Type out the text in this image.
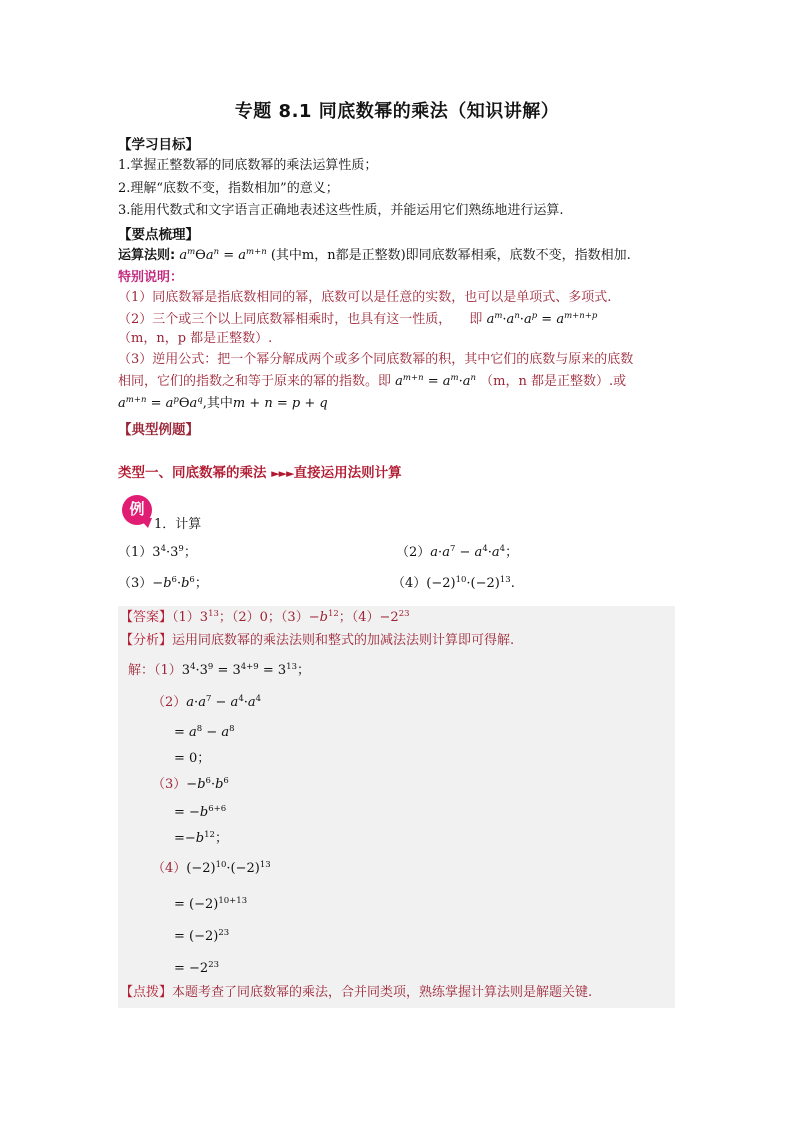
专题 8.1 同底数幂的乘法（知识讲解）
【学习目标】
1.掌握正整数幂的同底数幂的乘法运算性质；
2.理解“底数不变，指数相加”的意义；
3.能用代数式和文字语言正确地表述这些性质，并能运用它们熟练地进行运算.
【要点梳理】
运算法则: $a^mѲa^n = a^{m+n}$ (其中m，n都是正整数)即同底数幂相乘，底数不变，指数相加.
特别说明：
（1）同底数幂是指底数相同的幂，底数可以是任意的实数，也可以是单项式、多项式.
（2）三个或三个以上同底数幂相乘时，也具有这一性质， 即 $a^m\cdot a^n\cdot a^p = a^{m+n+p}$
（m，n，p 都是正整数）.
（3）逆用公式：把一个幂分解成两个或多个同底数幂的积，其中它们的底数与原来的底数
相同，它们的指数之和等于原来的幂的指数。即 $a^{m+n} = a^m\cdot a^n$ （m，n 都是正整数）.或
$a^{m+n} = a^pѲa^q$,其中m + n = p + q
【典型例题】
类型一、同底数幂的乘法 ►►►直接运用法则计算
例
1．计算
$(1)3^4\cdot 3^9$；	$(2)a\cdot a^7 - a^4\cdot a^4$；
$(3)-b^6\cdot b^6$；	$(4)(-2)^{10}\cdot(-2)^{13}$.
【答案】$(1)3^{13}$；（2）0；$(3)-b^{12}$；$(4)-2^{23}$
【分析】运用同底数幂的乘法法则和整式的加减法法则计算即可得解.
解：$(1)3^4\cdot 3^9 = 3^{4+9} = 3^{13}$；
$(2)a\cdot a^7 - a^4\cdot a^4$
= $a^8 - a^8$
= 0；
$(3)-b^6\cdot b^6$
= $-b^{6+6}$
$=-b^{12}$；
$(4)(-2)^{10}\cdot(-2)^{13}$
= $(-2)^{10+13}$
= $(-2)^{23}$
= $-2^{23}$
【点拨】本题考查了同底数幂的乘法，合并同类项，熟练掌握计算法则是解题关键.
